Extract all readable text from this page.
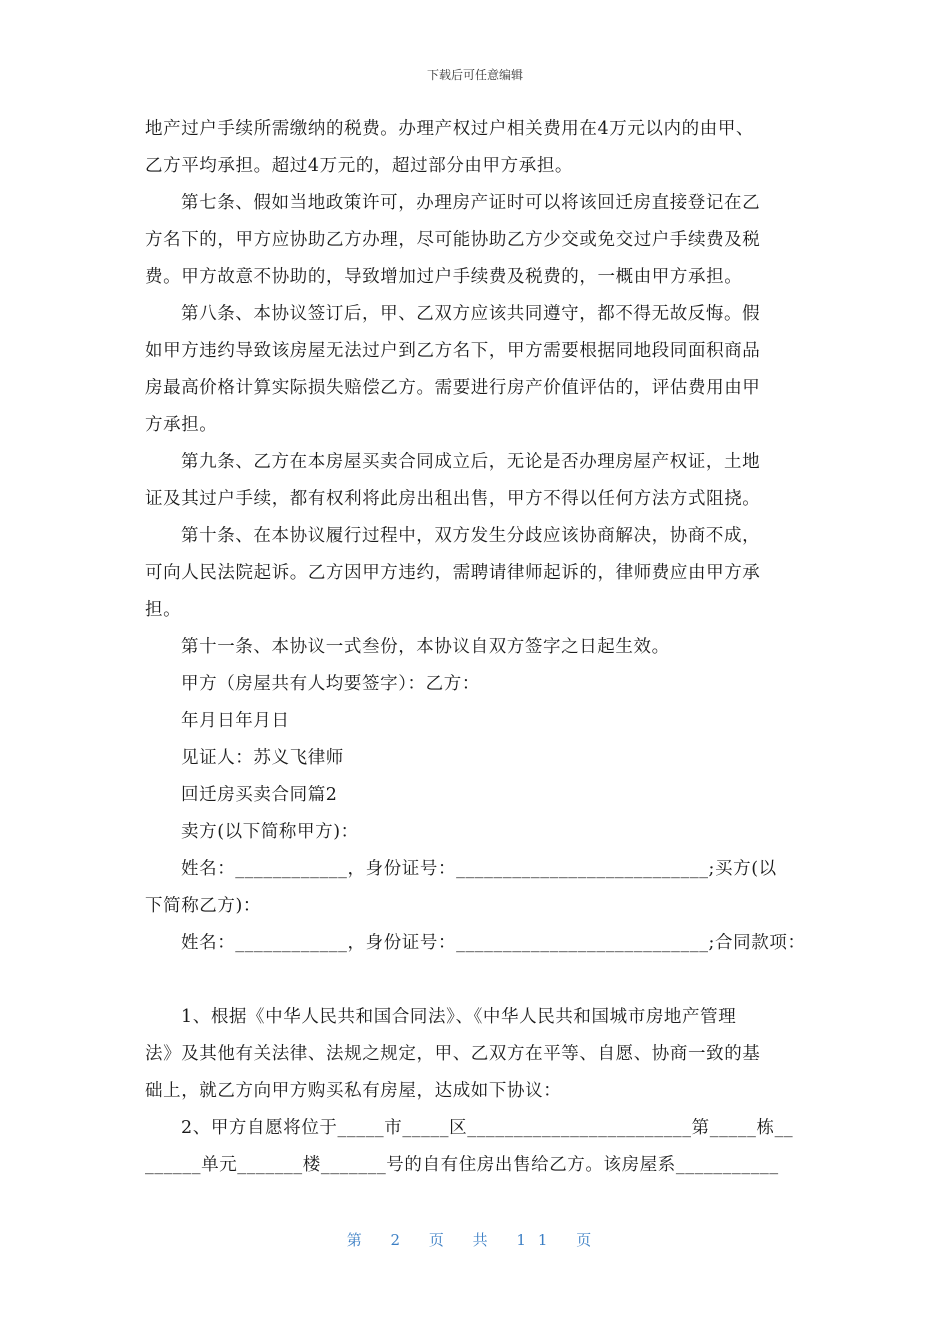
下载后可任意编辑
地产过户手续所需缴纳的税费。办理产权过户相关费用在4万元以内的由甲、
乙方平均承担。超过4万元的，超过部分由甲方承担。
第七条、假如当地政策许可，办理房产证时可以将该回迁房直接登记在乙
方名下的，甲方应协助乙方办理，尽可能协助乙方少交或免交过户手续费及税
费。甲方故意不协助的，导致增加过户手续费及税费的，一概由甲方承担。
第八条、本协议签订后，甲、乙双方应该共同遵守，都不得无故反悔。假
如甲方违约导致该房屋无法过户到乙方名下，甲方需要根据同地段同面积商品
房最高价格计算实际损失赔偿乙方。需要进行房产价值评估的，评估费用由甲
方承担。
第九条、乙方在本房屋买卖合同成立后，无论是否办理房屋产权证，土地
证及其过户手续，都有权利将此房出租出售，甲方不得以任何方法方式阻挠。
第十条、在本协议履行过程中，双方发生分歧应该协商解决，协商不成，
可向人民法院起诉。乙方因甲方违约，需聘请律师起诉的，律师费应由甲方承
担。
第十一条、本协议一式叁份，本协议自双方签字之日起生效。
甲方（房屋共有人均要签字）：乙方：
年月日年月日
见证人：苏义飞律师
回迁房买卖合同篇2
卖方(以下简称甲方)：
姓名：____________，身份证号：___________________________;买方(以
下简称乙方)：
姓名：____________，身份证号：___________________________;合同款项：
1、根据《中华人民共和国合同法》、《中华人民共和国城市房地产管理
法》及其他有关法律、法规之规定，甲、乙双方在平等、自愿、协商一致的基
础上，就乙方向甲方购买私有房屋，达成如下协议：
2、甲方自愿将位于_____市_____区________________________第_____栋__
______单元_______楼_______号的自有住房出售给乙方。该房屋系___________
第 2 页 共 11 页
